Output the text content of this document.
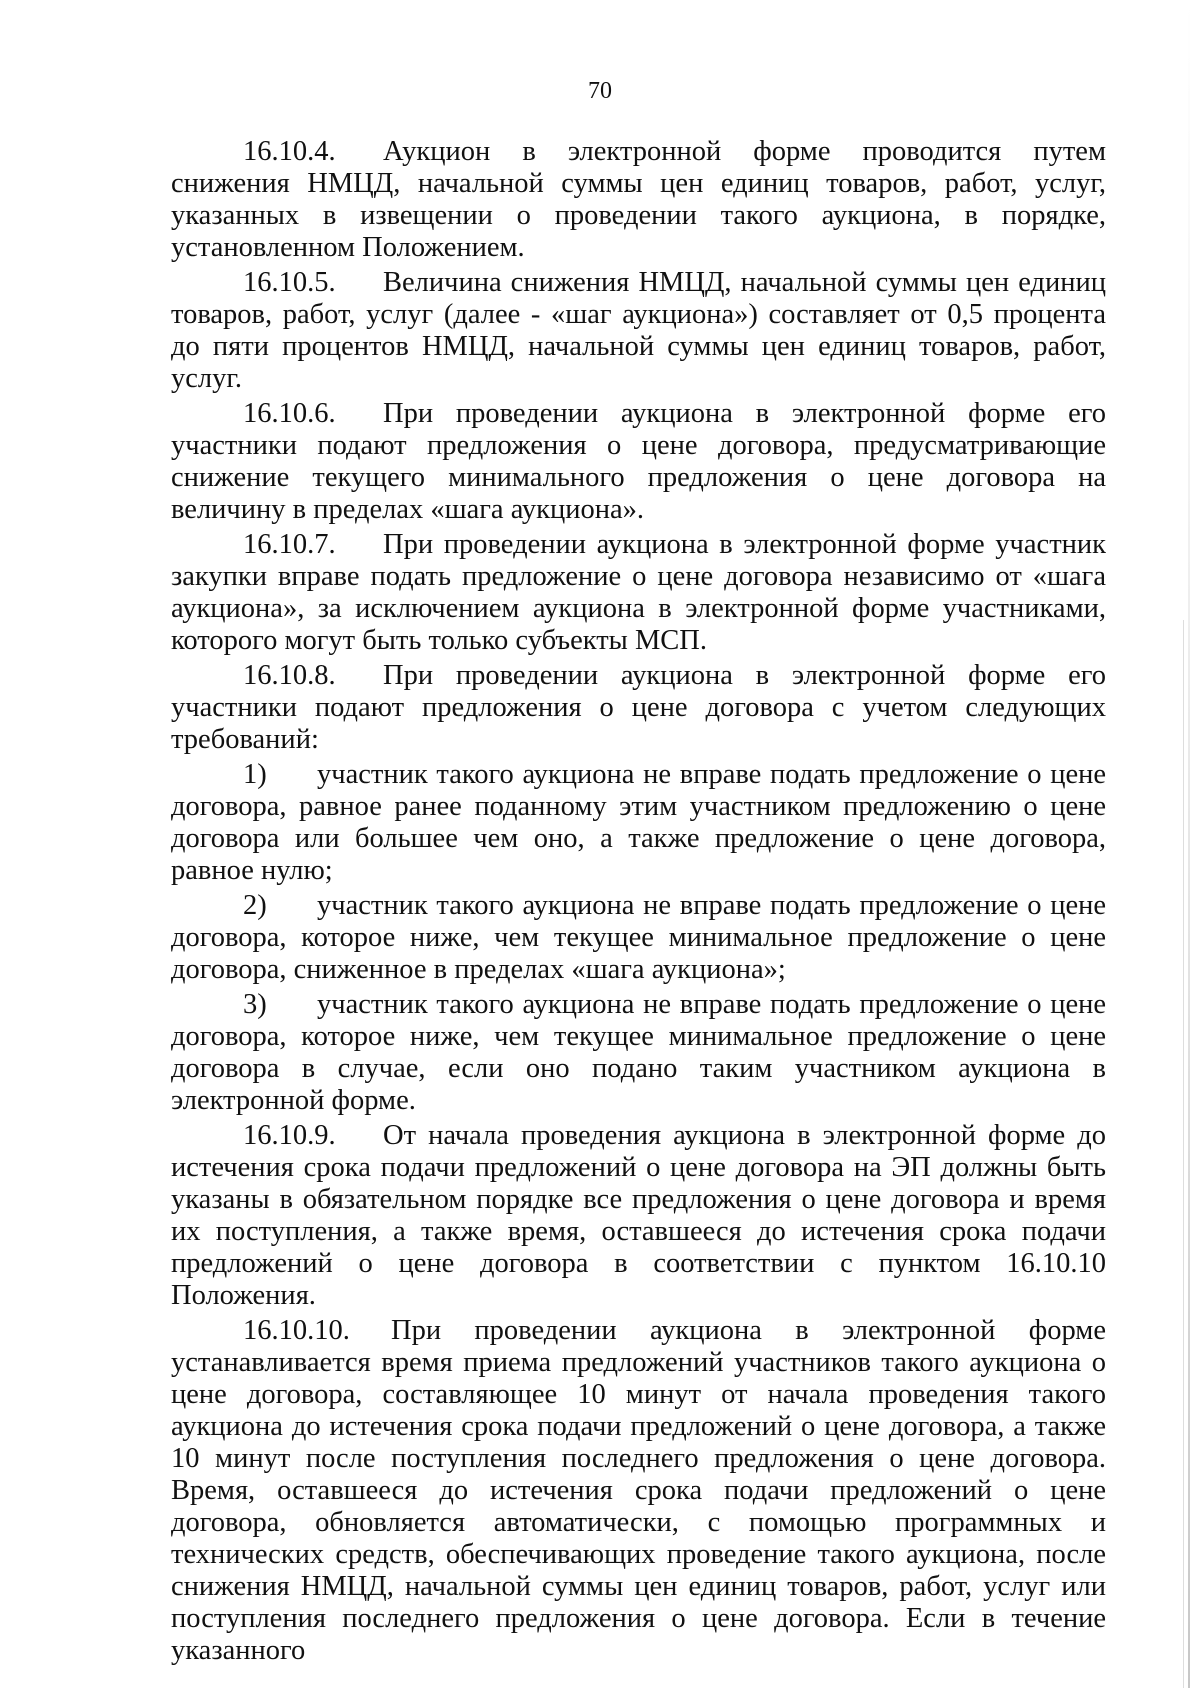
70

16.10.4. Аукцион в электронной форме проводится путем снижения НМЦД, начальной суммы цен единиц товаров, работ, услуг, указанных в извещении о проведении такого аукциона, в порядке, установленном Положением.

16.10.5. Величина снижения НМЦД, начальной суммы цен единиц товаров, работ, услуг (далее - «шаг аукциона») составляет от 0,5 процента до пяти процентов НМЦД, начальной суммы цен единиц товаров, работ, услуг.

16.10.6. При проведении аукциона в электронной форме его участники подают предложения о цене договора, предусматривающие снижение текущего минимального предложения о цене договора на величину в пределах «шага аукциона».

16.10.7. При проведении аукциона в электронной форме участник закупки вправе подать предложение о цене договора независимо от «шага аукциона», за исключением аукциона в электронной форме участниками, которого могут быть только субъекты МСП.

16.10.8. При проведении аукциона в электронной форме его участники подают предложения о цене договора с учетом следующих требований:

1) участник такого аукциона не вправе подать предложение о цене договора, равное ранее поданному этим участником предложению о цене договора или большее чем оно, а также предложение о цене договора, равное нулю;

2) участник такого аукциона не вправе подать предложение о цене договора, которое ниже, чем текущее минимальное предложение о цене договора, сниженное в пределах «шага аукциона»;

3) участник такого аукциона не вправе подать предложение о цене договора, которое ниже, чем текущее минимальное предложение о цене договора в случае, если оно подано таким участником аукциона в электронной форме.

16.10.9. От начала проведения аукциона в электронной форме до истечения срока подачи предложений о цене договора на ЭП должны быть указаны в обязательном порядке все предложения о цене договора и время их поступления, а также время, оставшееся до истечения срока подачи предложений о цене договора в соответствии с пунктом 16.10.10 Положения.

16.10.10. При проведении аукциона в электронной форме устанавливается время приема предложений участников такого аукциона о цене договора, составляющее 10 минут от начала проведения такого аукциона до истечения срока подачи предложений о цене договора, а также 10 минут после поступления последнего предложения о цене договора. Время, оставшееся до истечения срока подачи предложений о цене договора, обновляется автоматически, с помощью программных и технических средств, обеспечивающих проведение такого аукциона, после снижения НМЦД, начальной суммы цен единиц товаров, работ, услуг или поступления последнего предложения о цене договора. Если в течение указанного
